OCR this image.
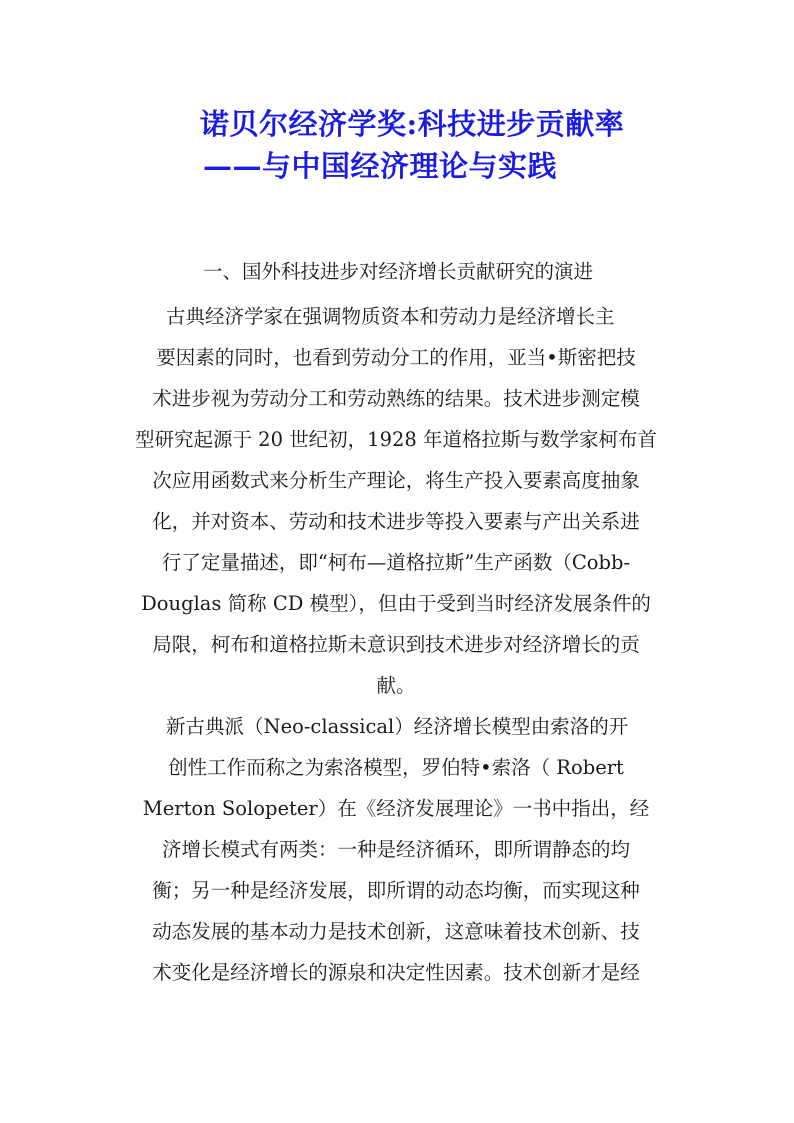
诺贝尔经济学奖:科技进步贡献率
——与中国经济理论与实践
一、国外科技进步对经济增长贡献研究的演进
古典经济学家在强调物质资本和劳动力是经济增长主
要因素的同时，也看到劳动分工的作用，亚当•斯密把技
术进步视为劳动分工和劳动熟练的结果。技术进步测定模
型研究起源于 20 世纪初，1928 年道格拉斯与数学家柯布首
次应用函数式来分析生产理论，将生产投入要素高度抽象
化，并对资本、劳动和技术进步等投入要素与产出关系进
行了定量描述，即“柯布—道格拉斯”生产函数（Cobb-
Douglas 简称 CD 模型），但由于受到当时经济发展条件的
局限，柯布和道格拉斯未意识到技术进步对经济增长的贡
献。
新古典派（Neo-classical）经济增长模型由索洛的开
创性工作而称之为索洛模型，罗伯特•索洛（ Robert
Merton Solopeter）在《经济发展理论》一书中指出，经
济增长模式有两类：一种是经济循环，即所谓静态的均
衡；另一种是经济发展，即所谓的动态均衡，而实现这种
动态发展的基本动力是技术创新，这意味着技术创新、技
术变化是经济增长的源泉和决定性因素。技术创新才是经
